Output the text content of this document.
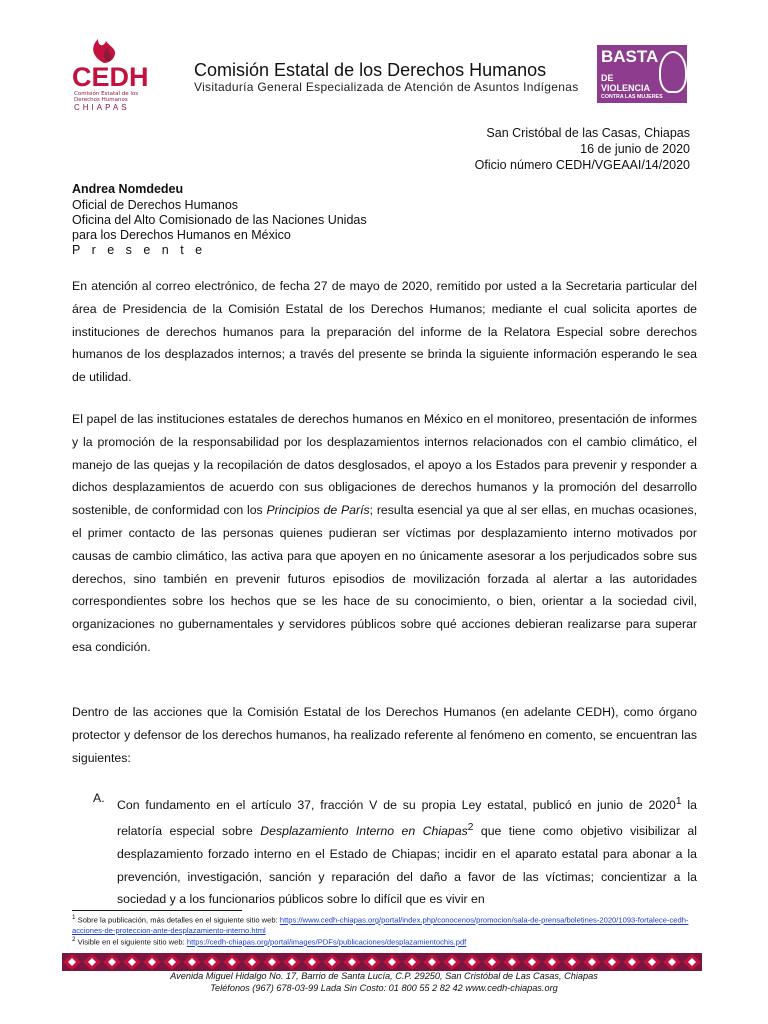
CEDH
Comisión Estatal de los Derechos Humanos
CHIAPAS
Comisión Estatal de los Derechos Humanos
Visitaduría General Especializada de Atención de Asuntos Indígenas
BASTA
DE
VIOLENCIA
CONTRA LAS MUJERES
San Cristóbal de las Casas, Chiapas
16 de junio de 2020
Oficio número CEDH/VGEAAI/14/2020
Andrea Nomdedeu
Oficial de Derechos Humanos
Oficina del Alto Comisionado de las Naciones Unidas
para los Derechos Humanos en México
P r e s e n t e
En atención al correo electrónico, de fecha 27 de mayo de 2020, remitido por usted a la Secretaria particular del área de Presidencia de la Comisión Estatal de los Derechos Humanos; mediante el cual solicita aportes de instituciones de derechos humanos para la preparación del informe de la Relatora Especial sobre derechos humanos de los desplazados internos; a través del presente se brinda la siguiente información esperando le sea de utilidad.
El papel de las instituciones estatales de derechos humanos en México en el monitoreo, presentación de informes y la promoción de la responsabilidad por los desplazamientos internos relacionados con el cambio climático, el manejo de las quejas y la recopilación de datos desglosados, el apoyo a los Estados para prevenir y responder a dichos desplazamientos de acuerdo con sus obligaciones de derechos humanos y la promoción del desarrollo sostenible, de conformidad con los Principios de París; resulta esencial ya que al ser ellas, en muchas ocasiones, el primer contacto de las personas quienes pudieran ser víctimas por desplazamiento interno motivados por causas de cambio climático, las activa para que apoyen en no únicamente asesorar a los perjudicados sobre sus derechos, sino también en prevenir futuros episodios de movilización forzada al alertar a las autoridades correspondientes sobre los hechos que se les hace de su conocimiento, o bien, orientar a la sociedad civil, organizaciones no gubernamentales y servidores públicos sobre qué acciones debieran realizarse para superar esa condición.
Dentro de las acciones que la Comisión Estatal de los Derechos Humanos (en adelante CEDH), como órgano protector y defensor de los derechos humanos, ha realizado referente al fenómeno en comento, se encuentran las siguientes:
A.
Con fundamento en el artículo 37, fracción V de su propia Ley estatal, publicó en junio de 2020$^1$ la relatoría especial sobre Desplazamiento Interno en Chiapas$^2$ que tiene como objetivo visibilizar al desplazamiento forzado interno en el Estado de Chiapas; incidir en el aparato estatal para abonar a la prevención, investigación, sanción y reparación del daño a favor de las víctimas; concientizar a la sociedad y a los funcionarios públicos sobre lo difícil que es vivir en
$^1$ Sobre la publicación, más detalles en el siguiente sitio web: https://www.cedh-chiapas.org/portal/index.php/conocenos/promocion/sala-de-prensa/boletines-2020/1093-fortalece-cedh-acciones-de-proteccion-ante-desplazamiento-interno.html
$^2$ Visible en el siguiente sitio web: https://cedh-chiapas.org/portal/images/PDFs/publicaciones/desplazamientochis.pdf
Avenida Miguel Hidalgo No. 17, Barrio de Santa Lucía, C.P. 29250, San Cristóbal de Las Casas, Chiapas
Teléfonos (967) 678-03-99 Lada Sin Costo: 01 800 55 2 82 42 www.cedh-chiapas.org
